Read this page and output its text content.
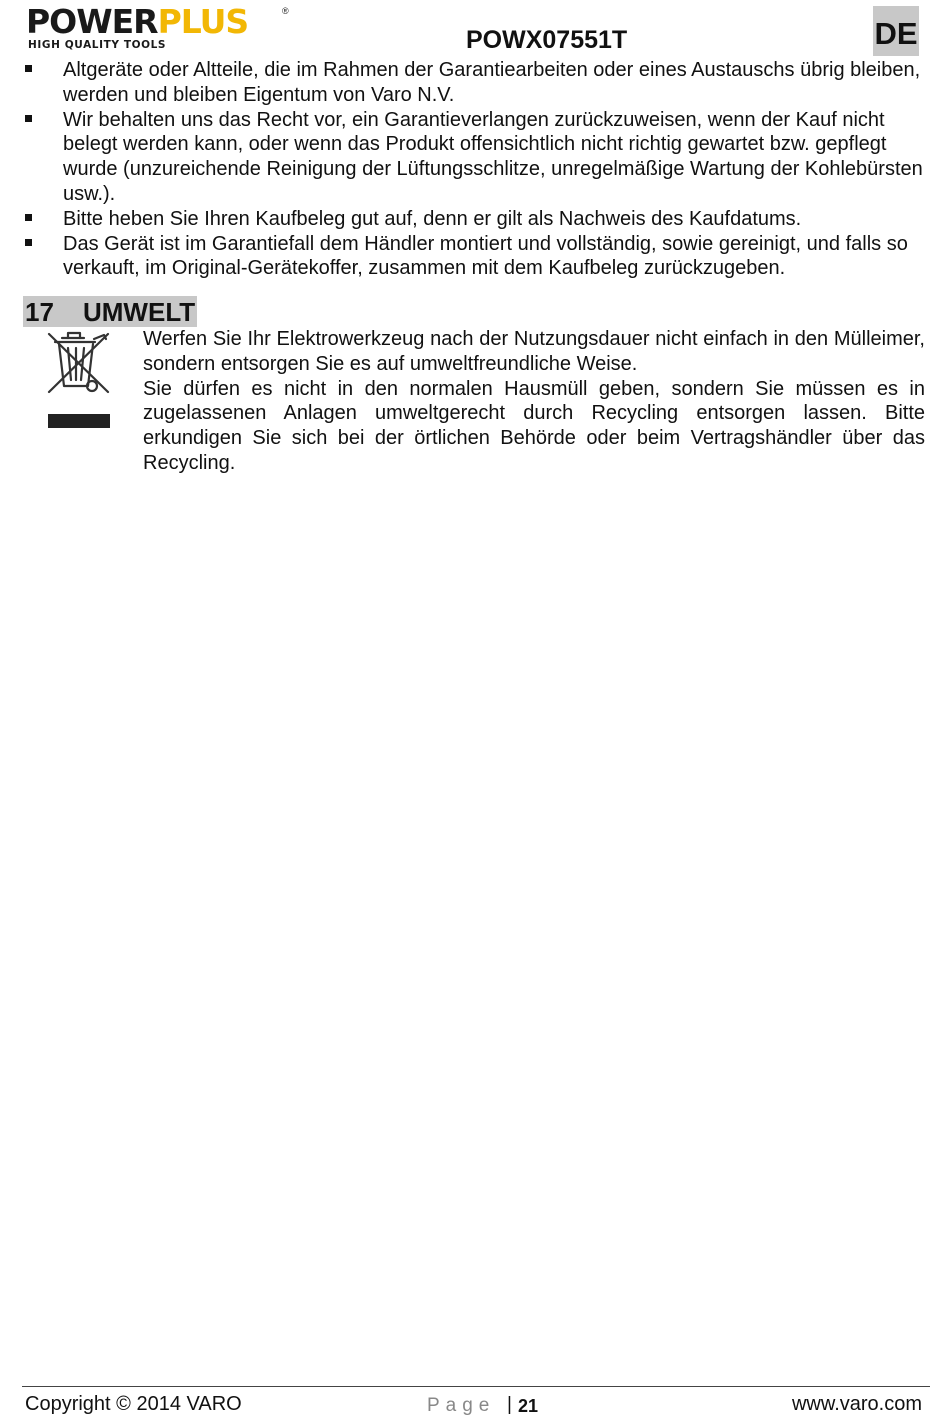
POWERPLUS	®
HIGH QUALITY TOOLS	POWX07551T	DE
Altgeräte oder Altteile, die im Rahmen der Garantiearbeiten oder eines Austauschs übrig bleiben, werden und bleiben Eigentum von Varo N.V.
Wir behalten uns das Recht vor, ein Garantieverlangen zurückzuweisen, wenn der Kauf nicht belegt werden kann, oder wenn das Produkt offensichtlich nicht richtig gewartet bzw. gepflegt wurde (unzureichende Reinigung der Lüftungsschlitze, unregelmäßige Wartung der Kohlebürsten usw.).
Bitte heben Sie Ihren Kaufbeleg gut auf, denn er gilt als Nachweis des Kaufdatums.
Das Gerät ist im Garantiefall dem Händler montiert und vollständig, sowie gereinigt, und falls so verkauft, im Original-Gerätekoffer, zusammen mit dem Kaufbeleg zurückzugeben.
17 UMWELT

Werfen Sie Ihr Elektrowerkzeug nach der Nutzungsdauer nicht einfach in den Mülleimer, sondern entsorgen Sie es auf umweltfreundliche Weise.

Sie dürfen es nicht in den normalen Hausmüll geben, sondern Sie müssen es in zugelassenen Anlagen umweltgerecht durch Recycling entsorgen lassen. Bitte erkundigen Sie sich bei der örtlichen Behörde oder beim Vertragshändler über das Recycling.

Copyright © 2014 VARO	Page | 21	www.varo.com
